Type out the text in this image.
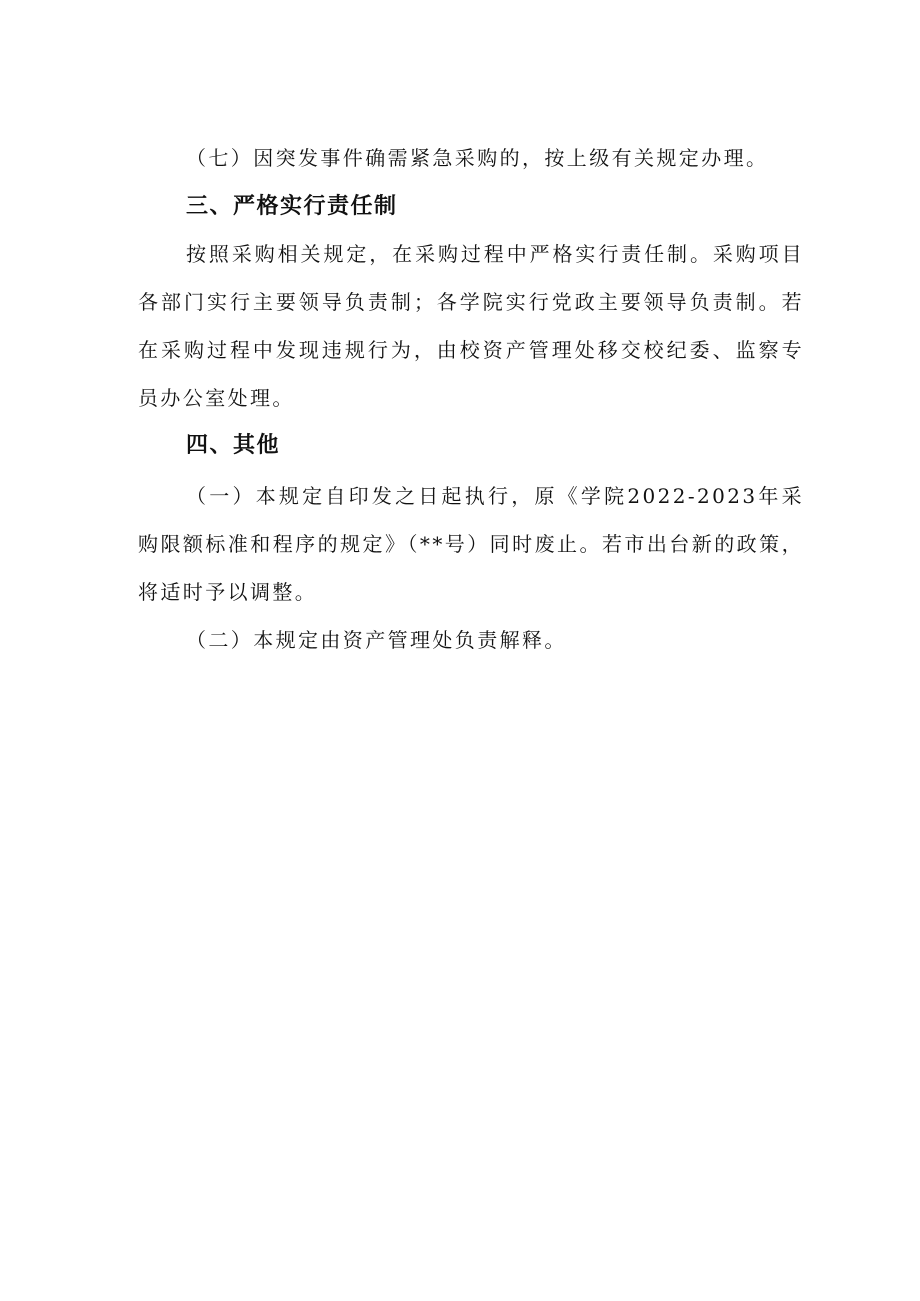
（七）因突发事件确需紧急采购的，按上级有关规定办理。

三、严格实行责任制

按照采购相关规定，在采购过程中严格实行责任制。采购项目各部门实行主要领导负责制；各学院实行党政主要领导负责制。若在采购过程中发现违规行为，由校资产管理处移交校纪委、监察专员办公室处理。

四、其他

（一）本规定自印发之日起执行，原《学院2022-2023年采购限额标准和程序的规定》（**号）同时废止。若市出台新的政策，将适时予以调整。

（二）本规定由资产管理处负责解释。
